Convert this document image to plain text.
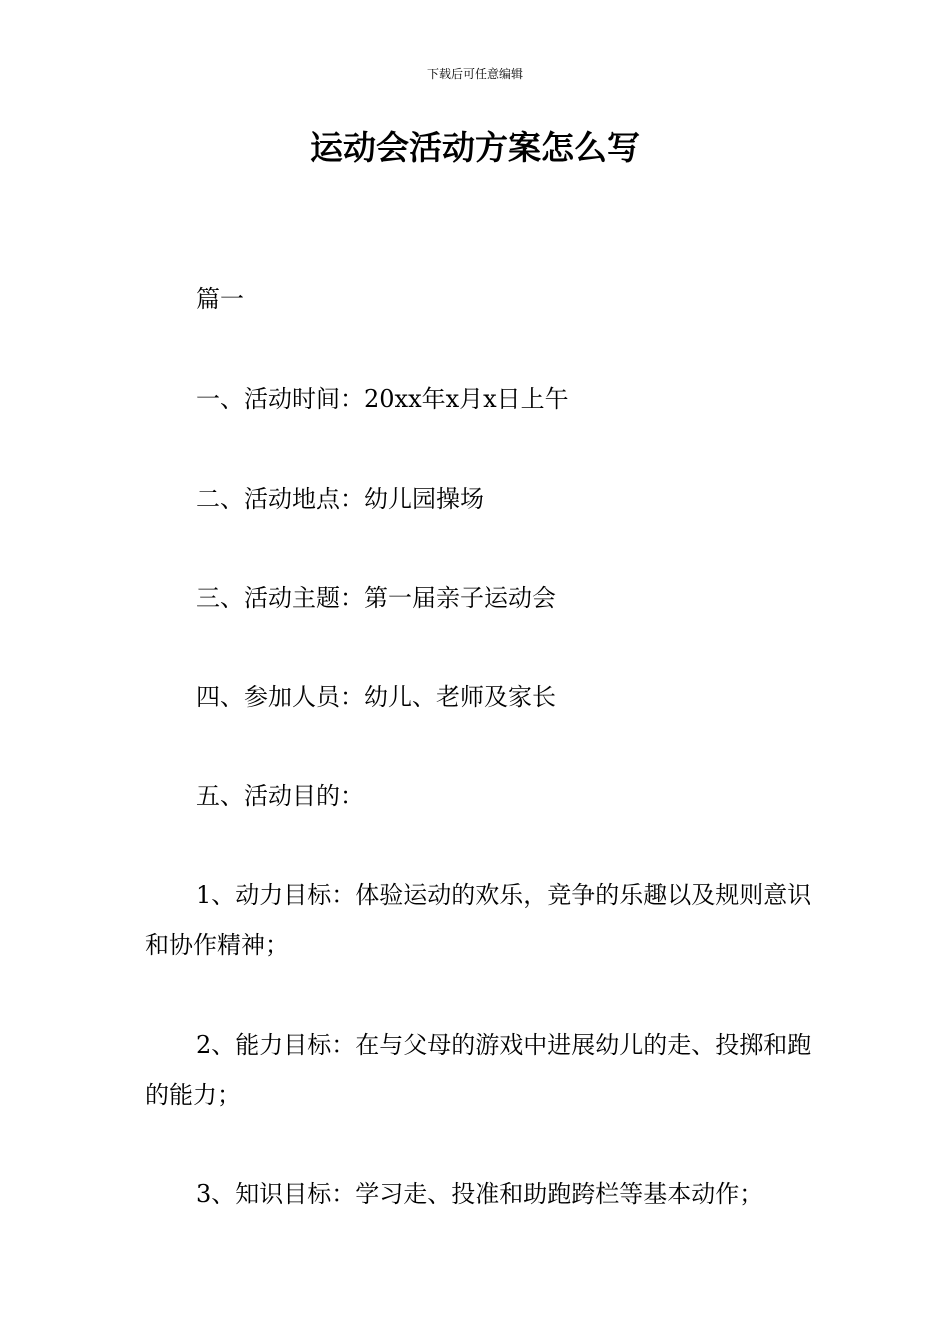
下载后可任意编辑
运动会活动方案怎么写

篇一

一、活动时间：20xx年x月x日上午

二、活动地点：幼儿园操场

三、活动主题：第一届亲子运动会

四、参加人员：幼儿、老师及家长

五、活动目的：

1、动力目标：体验运动的欢乐，竞争的乐趣以及规则意识和协作精神；

2、能力目标：在与父母的游戏中进展幼儿的走、投掷和跑的能力；

3、知识目标：学习走、投准和助跑跨栏等基本动作；
